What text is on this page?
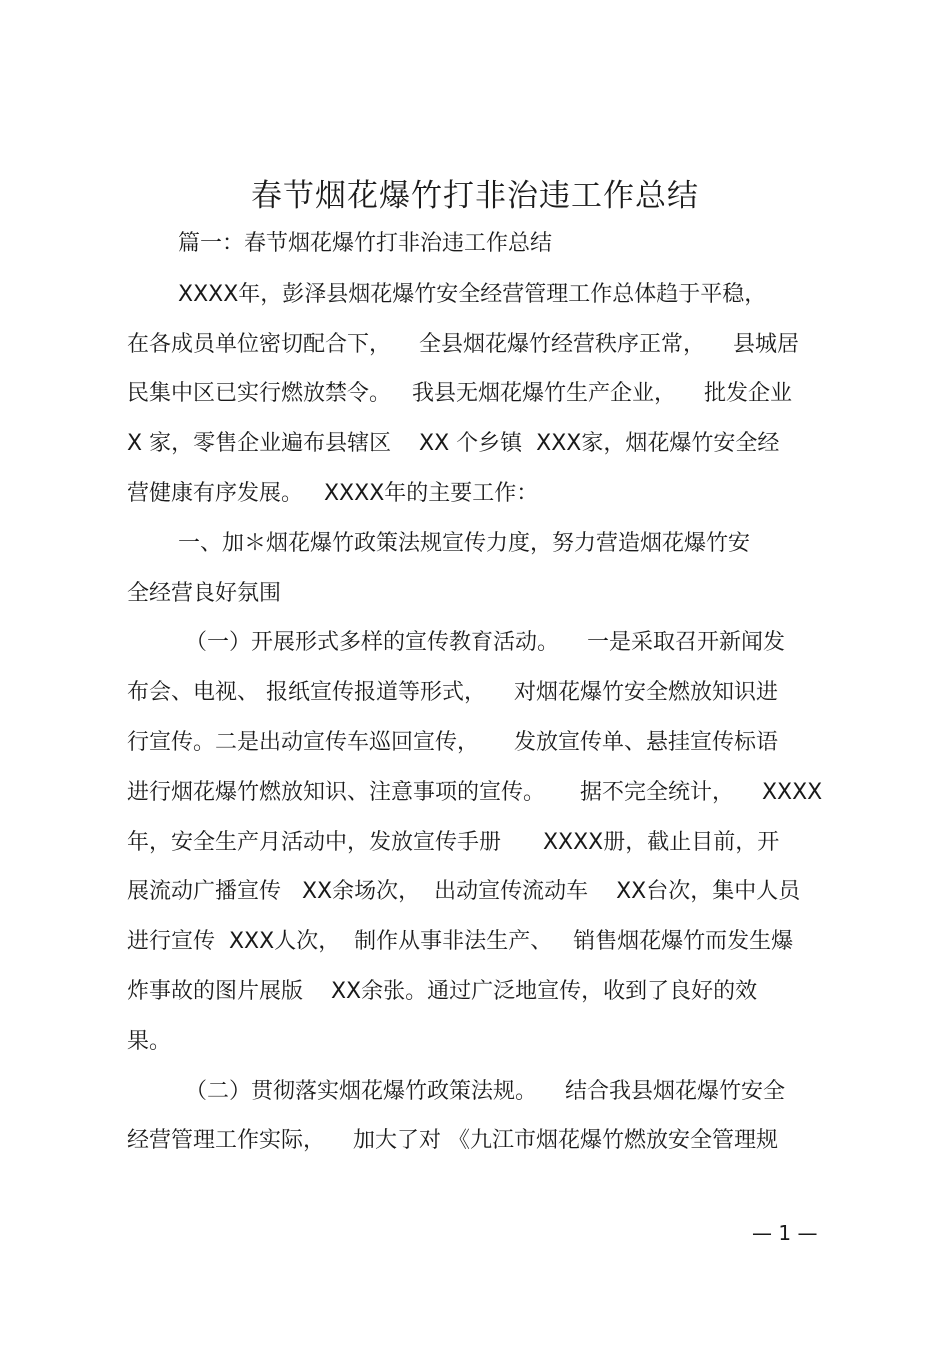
春节烟花爆竹打非治违工作总结
篇一：春节烟花爆竹打非治违工作总结
XXXX年，彭泽县烟花爆竹安全经营管理工作总体趋于平稳，
在各成员单位密切配合下，    全县烟花爆竹经营秩序正常，    县城居
民集中区已实行燃放禁令。   我县无烟花爆竹生产企业，    批发企业
X 家，零售企业遍布县辖区    XX 个乡镇  XXX家，烟花爆竹安全经
营健康有序发展。   XXXX年的主要工作：
一、加＊烟花爆竹政策法规宣传力度，努力营造烟花爆竹安
全经营良好氛围
（一）开展形式多样的宣传教育活动。    一是采取召开新闻发
布会、电视、 报纸宣传报道等形式，    对烟花爆竹安全燃放知识进
行宣传。二是出动宣传车巡回宣传，     发放宣传单、悬挂宣传标语
进行烟花爆竹燃放知识、注意事项的宣传。     据不完全统计，    XXXX
年，安全生产月活动中，发放宣传手册      XXXX册，截止目前，开
展流动广播宣传   XX余场次，  出动宣传流动车    XX台次，集中人员
进行宣传  XXX人次，  制作从事非法生产、   销售烟花爆竹而发生爆
炸事故的图片展版    XX余张。通过广泛地宣传，收到了良好的效
果。
（二）贯彻落实烟花爆竹政策法规。    结合我县烟花爆竹安全
经营管理工作实际，    加大了对 《九江市烟花爆竹燃放安全管理规
— 1 —
